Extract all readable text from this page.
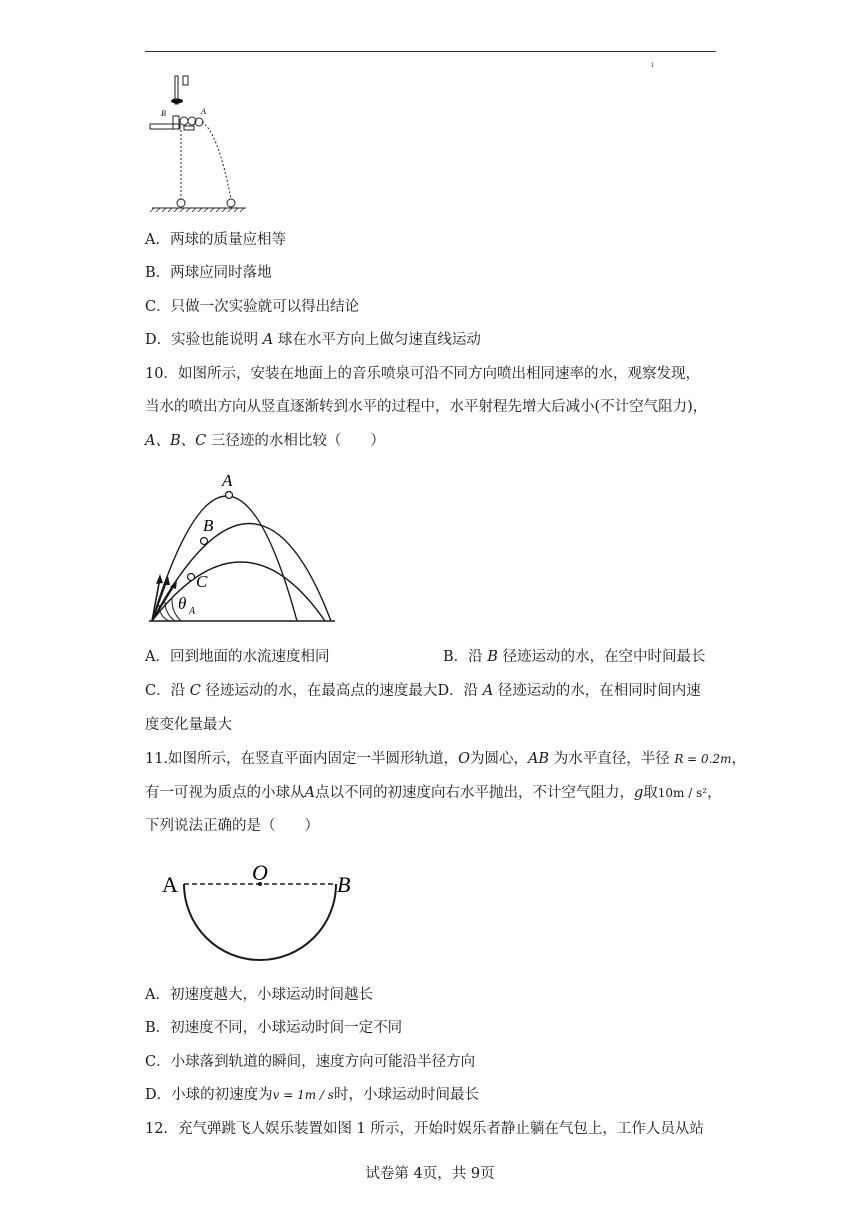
ı
B	A
A．两球的质量应相等
B．两球应同时落地
C．只做一次实验就可以得出结论
D．实验也能说明 A 球在水平方向上做匀速直线运动
10．如图所示，安装在地面上的音乐喷泉可沿不同方向喷出相同速率的水，观察发现，
当水的喷出方向从竖直逐渐转到水平的过程中，水平射程先增大后减小(不计空气阻力)，
A、B、C 三径迹的水相比较（　　）
A
B
C
θ A
A．回到地面的水流速度相同	B．沿 B 径迹运动的水，在空中时间最长
C．沿 C 径迹运动的水，在最高点的速度最大D．沿 A 径迹运动的水，在相同时间内速
度变化量最大
11.如图所示，在竖直平面内固定一半圆形轨道，O为圆心，AB 为水平直径，半径 R = 0.2m，
有一可视为质点的小球从A点以不同的初速度向右水平抛出，不计空气阻力，g取10m / s²，
下列说法正确的是（　　）
A	O	B
A．初速度越大，小球运动时间越长
B．初速度不同，小球运动时间一定不同
C．小球落到轨道的瞬间，速度方向可能沿半径方向
D．小球的初速度为v = 1m / s时，小球运动时间最长
12．充气弹跳飞人娱乐装置如图 1 所示，开始时娱乐者静止躺在气包上，工作人员从站
试卷第 4页，共 9页
